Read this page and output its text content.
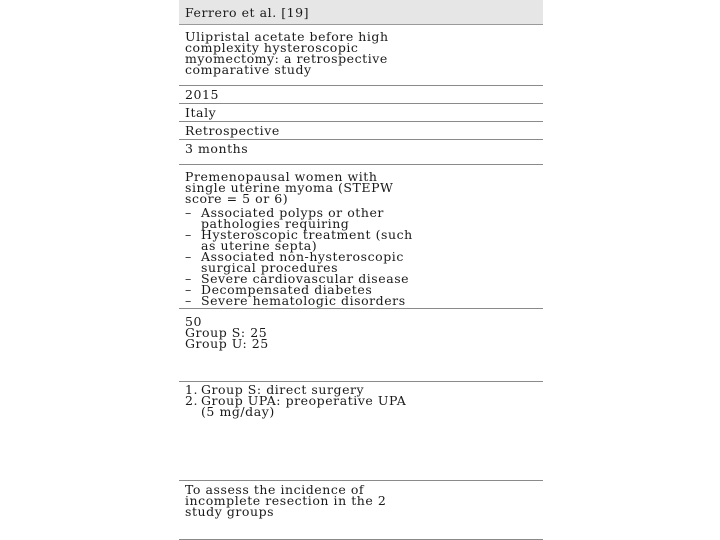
Ferrero et al. [19]
Ulipristal acetate before high
complexity hysteroscopic
myomectomy: a retrospective
comparative study
2015
Italy
Retrospective
3 months
Premenopausal women with
single uterine myoma (STEPW
score = 5 or 6)
– Associated polyps or other
pathologies requiring
– Hysteroscopic treatment (such
as uterine septa)
– Associated non-hysteroscopic
surgical procedures
– Severe cardiovascular disease
– Decompensated diabetes
– Severe hematologic disorders
50
Group S: 25
Group U: 25
1. Group S: direct surgery
2. Group UPA: preoperative UPA
(5 mg/day)
To assess the incidence of
incomplete resection in the 2
study groups
